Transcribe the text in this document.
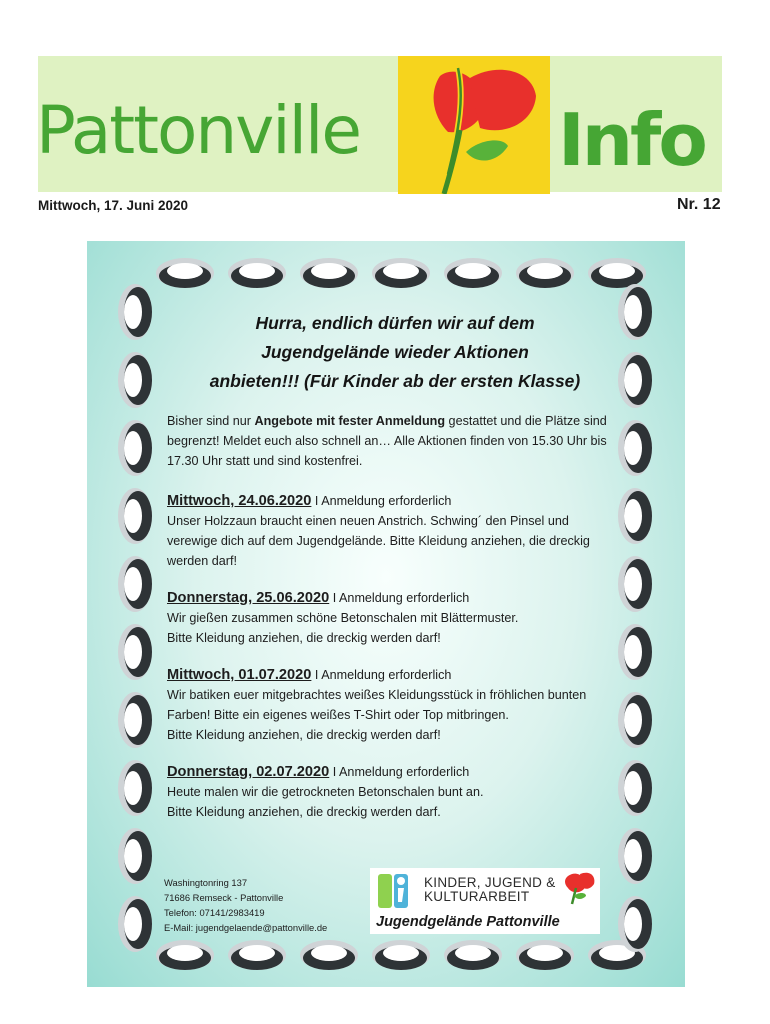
Pattonville	Info
Mittwoch, 17. Juni 2020	Nr. 12
Hurra, endlich dürfen wir auf dem
Jugendgelände wieder Aktionen
anbieten!!! (Für Kinder ab der ersten Klasse)

Bisher sind nur Angebote mit fester Anmeldung gestattet und die Plätze sind begrenzt! Meldet euch also schnell an… Alle Aktionen finden von 15.30 Uhr bis 17.30 Uhr statt und sind kostenfrei.

Mittwoch, 24.06.2020 I Anmeldung erforderlich

Unser Holzzaun braucht einen neuen Anstrich. Schwing´ den Pinsel und verewige dich auf dem Jugendgelände. Bitte Kleidung anziehen, die dreckig werden darf!

Donnerstag, 25.06.2020 I Anmeldung erforderlich

Wir gießen zusammen schöne Betonschalen mit Blättermuster.

Bitte Kleidung anziehen, die dreckig werden darf!

Mittwoch, 01.07.2020 I Anmeldung erforderlich

Wir batiken euer mitgebrachtes weißes Kleidungsstück in fröhlichen bunten Farben! Bitte ein eigenes weißes T-Shirt oder Top mitbringen.

Bitte Kleidung anziehen, die dreckig werden darf!

Donnerstag, 02.07.2020 I Anmeldung erforderlich

Heute malen wir die getrockneten Betonschalen bunt an.

Bitte Kleidung anziehen, die dreckig werden darf.

Washingtonring 137
71686 Remseck - Pattonville
Telefon: 07141/2983419
E-Mail: jugendgelaende@pattonville.de
KINDER, JUGEND &
KULTURARBEIT
Jugendgelände Pattonville
